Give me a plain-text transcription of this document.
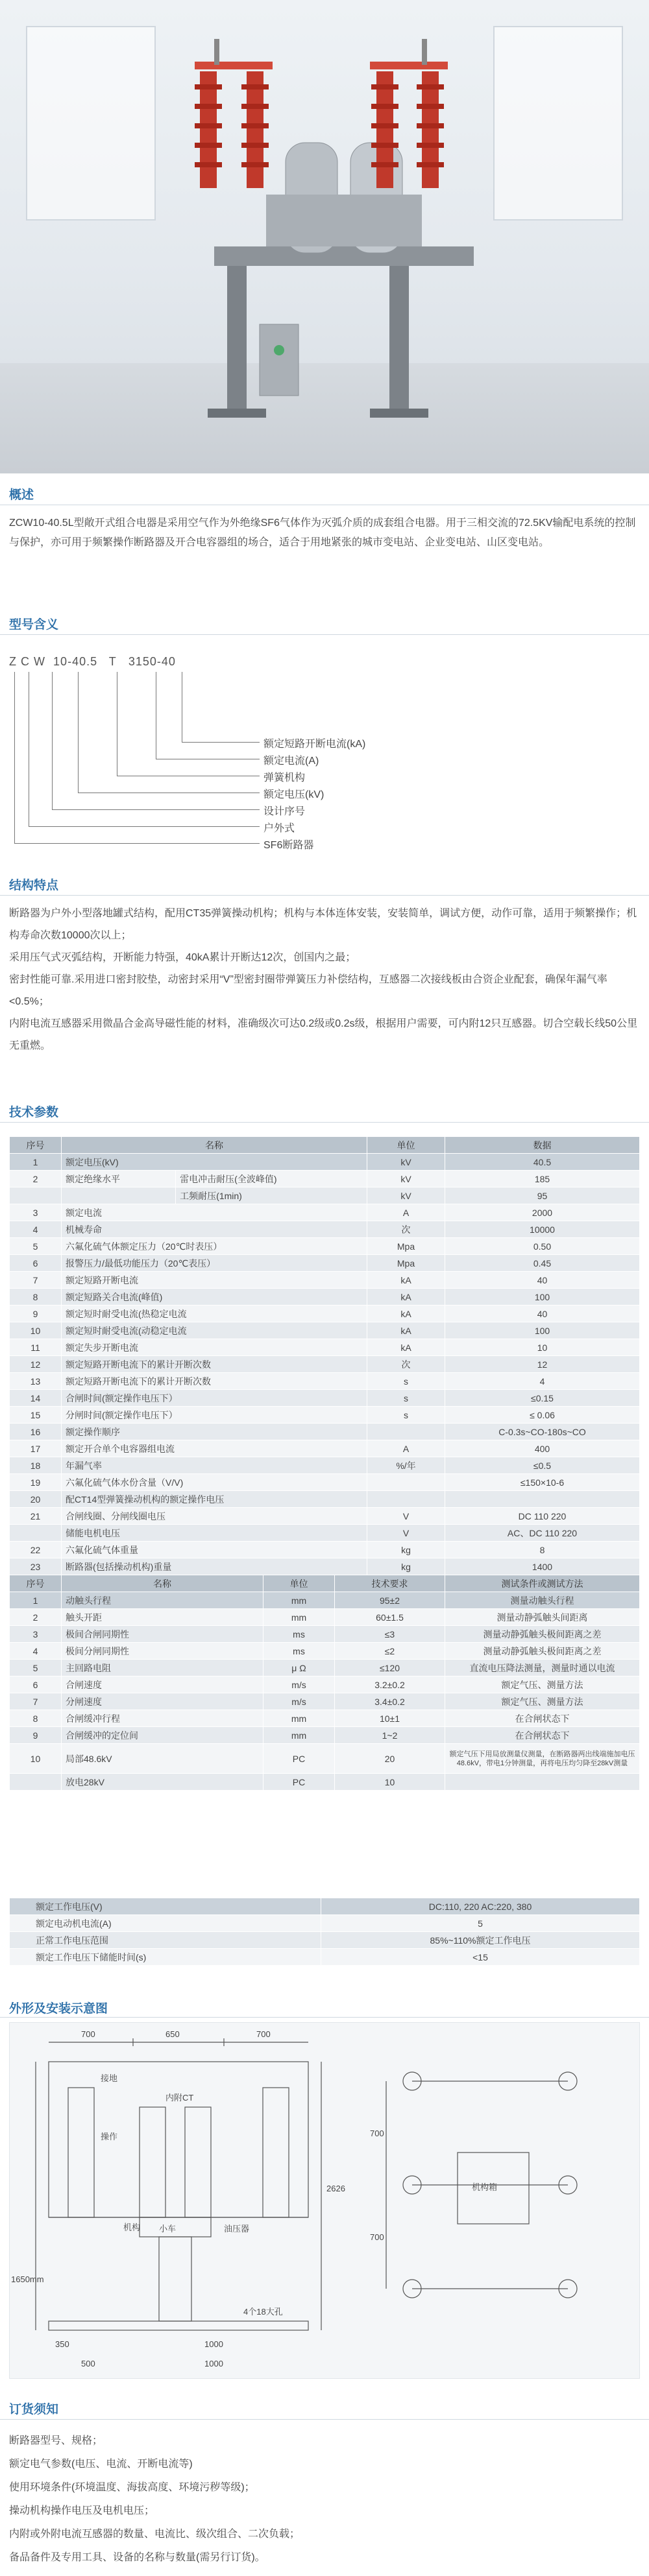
概述
ZCW10-40.5L型敞开式组合电器是采用空气作为外绝缘SF6气体作为灭弧介质的成套组合电器。用于三相交流的72.5KV输配电系统的控制与保护，亦可用于频繁操作断路器及开合电容器组的场合，适合于用地紧张的城市变电站、企业变电站、山区变电站。
型号含义
Z C W 10-40.5 T 3150-40
额定短路开断电流(kA)
额定电流(A)
弹簧机构
额定电压(kV)
设计序号
户外式
SF6断路器
结构特点
断路器为户外小型落地罐式结构，配用CT35弹簧操动机构；机构与本体连体安装，安装简单，调试方便，动作可靠，适用于频繁操作；机构寿命次数10000次以上；
采用压气式灭弧结构，开断能力特强，40kA累计开断达12次，创国内之最；
密封性能可靠.采用进口密封胶垫，动密封采用“V”型密封圈带弹簧压力补偿结构，互感器二次接线板由合资企业配套，确保年漏气率<0.5%；
内附电流互感器采用微晶合金高导磁性能的材料，准确级次可达0.2级或0.2s级，根据用户需要，可内附12只互感器。切合空载长线50公里无重燃。
技术参数
序号	名称		单位	数据
1	额定电压(kV)		kV	40.5
2	额定绝缘水平	雷电冲击耐压(全波峰值)	kV	185
		工频耐压(1min)	kV	95
3	额定电流		A	2000
4	机械寿命		次	10000
5	六氟化硫气体额定压力（20℃时表压）		Mpa	0.50
6	报警压力/最低功能压力（20℃表压）		Mpa	0.45
7	额定短路开断电流		kA	40
8	额定短路关合电流(峰值)		kA	100
9	额定短时耐受电流(热稳定电流		kA	40
10	额定短时耐受电流(动稳定电流		kA	100
11	额定失步开断电流		kA	10
12	额定短路开断电流下的累计开断次数		次	12
13	额定短路开断电流下的累计开断次数		s	4
14	合闸时间(额定操作电压下）		s	≤0.15
15	分闸时间(额定操作电压下）		s	≤ 0.06
16	额定操作顺序			C-0.3s~CO-180s~CO
17	额定开合单个电容器组电流		A	400
18	年漏气率		%/年	≤0.5
19	六氟化硫气体水份含量（V/V)			≤150×10-6
20	配CT14型弹簧操动机构的额定操作电压			
21	合闸线圈、分闸线圈电压		V	DC 110 220
	储能电机电压		V	AC、DC 110 220
22	六氟化硫气体重量		kg	8
23	断路器(包括操动机构)重量		kg	1400
序号	名称	单位	技术要求	测试条件或测试方法
1	动触头行程	mm	95±2	测量动触头行程
2	触头开距	mm	60±1.5	测量动静弧触头间距离
3	极间合闸同期性	ms	≤3	测量动静弧触头极间距离之差
4	极间分闸同期性	ms	≤2	测量动静弧触头极间距离之差
5	主回路电阻	μ Ω	≤120	直流电压降法测量，测量时通以电流
6	合闸速度	m/s	3.2±0.2	额定气压、测量方法
7	分闸速度	m/s	3.4±0.2	额定气压、测量方法
8	合闸缓冲行程	mm	10±1	在合闸状态下
9	合闸缓冲的定位间	mm	1~2	在合闸状态下
10	局部48.6kV	PC	20	额定气压下用局放测量仪测量，在断路器两出线端施加电压48.6kV，带电1分钟测量，再将电压均匀降至28kV测量
	放电28kV	PC	10	
额定工作电压(V)	DC:110, 220 AC:220, 380
额定电动机电流(A)	5
正常工作电压范围	85%~110%额定工作电压
额定工作电压下储能时间(s)	<15
外形及安装示意图
700	650	700
700
700
2626
1650mm
1000
1000
350
500
4个18大孔
接地
操作
内附CT
机构 小车	油压器
机构箱
订货须知
断路器型号、规格；
额定电气参数(电压、电流、开断电流等)
使用环境条件(环境温度、海拔高度、环境污秽等级)；
操动机构操作电压及电机电压；
内附或外附电流互感器的数量、电流比、级次组合、二次负载；
备品备件及专用工具、设备的名称与数量(需另行订货)。
